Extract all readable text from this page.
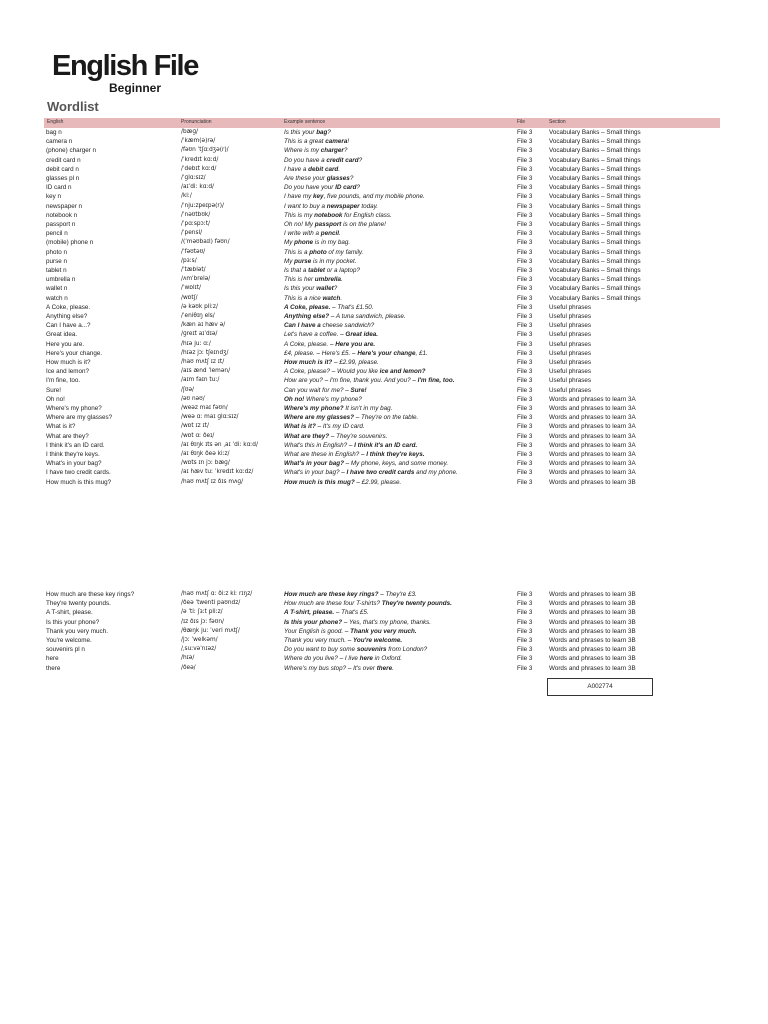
English File
Beginner
Wordlist
English	Pronunciation	Example sentence	File	Section
bag n	/bæɡ/	Is this your bag?	File 3	Vocabulary Banks – Small things
camera n	/ˈkæm(ə)rə/	This is a great camera!	File 3	Vocabulary Banks – Small things
(phone) charger n	/fəʊn ˈtʃɑːdʒə(r)/	Where is my charger?	File 3	Vocabulary Banks – Small things
credit card n	/ˈkredɪt kɑːd/	Do you have a credit card?	File 3	Vocabulary Banks – Small things
debit card n	/ˈdebɪt kɑːd/	I have a debit card.	File 3	Vocabulary Banks – Small things
glasses pl n	/ˈɡlɑːsɪz/	Are these your glasses?	File 3	Vocabulary Banks – Small things
ID card n	/aɪˈdiː kɑːd/	Do you have your ID card?	File 3	Vocabulary Banks – Small things
key n	/kiː/	I have my key, five pounds, and my mobile phone.	File 3	Vocabulary Banks – Small things
newspaper n	/ˈnjuːzpeɪpə(r)/	I want to buy a newspaper today.	File 3	Vocabulary Banks – Small things
notebook n	/ˈnəʊtbʊk/	This is my notebook for English class.	File 3	Vocabulary Banks – Small things
passport n	/ˈpɑːspɔːt/	Oh no! My passport is on the plane!	File 3	Vocabulary Banks – Small things
pencil n	/ˈpensl/	I write with a pencil.	File 3	Vocabulary Banks – Small things
(mobile) phone n	/(ˈməʊbaɪl) fəʊn/	My phone is in my bag.	File 3	Vocabulary Banks – Small things
photo n	/ˈfəʊtəʊ/	This is a photo of my family.	File 3	Vocabulary Banks – Small things
purse n	/pɜːs/	My purse is in my pocket.	File 3	Vocabulary Banks – Small things
tablet n	/ˈtæblət/	Is that a tablet or a laptop?	File 3	Vocabulary Banks – Small things
umbrella n	/ʌmˈbrelə/	This is her umbrella.	File 3	Vocabulary Banks – Small things
wallet n	/ˈwɒlɪt/	Is this your wallet?	File 3	Vocabulary Banks – Small things
watch n	/wɒtʃ/	This is a nice watch.	File 3	Vocabulary Banks – Small things
A Coke, please.	/ə kəʊk pliːz/	A Coke, please. – That's £1.50.	File 3	Useful phrases
Anything else?	/ˈeniθɪŋ els/	Anything else? – A tuna sandwich, please.	File 3	Useful phrases
Can I have a...?	/kæn aɪ hæv ə/	Can I have a cheese sandwich?	File 3	Useful phrases
Great idea.	/ɡreɪt aɪˈdɪə/	Let's have a coffee. – Great idea.	File 3	Useful phrases
Here you are.	/hɪə juː ɑː/	A Coke, please. – Here you are.	File 3	Useful phrases
Here's your change.	/hɪəz jɔː tʃeɪndʒ/	£4, please. – Here's £5. – Here's your change, £1.	File 3	Useful phrases
How much is it?	/haʊ mʌtʃ ɪz ɪt/	How much is it? – £2.99, please.	File 3	Useful phrases
Ice and lemon?	/aɪs ænd ˈlemən/	A Coke, please? – Would you like ice and lemon?	File 3	Useful phrases
I'm fine, too.	/aɪm faɪn tuː/	How are you? – I'm fine, thank you. And you? – I'm fine, too.	File 3	Useful phrases
Sure!	/ʃʊə/	Can you wait for me? – Sure!	File 3	Useful phrases
Oh no!	/əʊ nəʊ/	Oh no! Where's my phone?	File 3	Words and phrases to learn 3A
Where's my phone?	/weəz maɪ fəʊn/	Where's my phone? It isn't in my bag.	File 3	Words and phrases to learn 3A
Where are my glasses?	/weə ɑː maɪ ɡlɑːsɪz/	Where are my glasses? – They're on the table.	File 3	Words and phrases to learn 3A
What is it?	/wɒt ɪz ɪt/	What is it? – It's my ID card.	File 3	Words and phrases to learn 3A
What are they?	/wɒt ɑː ðeɪ/	What are they? – They're souvenirs.	File 3	Words and phrases to learn 3A
I think it's an ID card.	/aɪ θɪŋk ɪts ən ˌaɪ ˈdiː kɑːd/	What's this in English? – I think it's an ID card.	File 3	Words and phrases to learn 3A
I think they're keys.	/aɪ θɪŋk ðeə kiːz/	What are these in English? – I think they're keys.	File 3	Words and phrases to learn 3A
What's in your bag?	/wɒts ɪn jɔː bæɡ/	What's in your bag? – My phone, keys, and some money.	File 3	Words and phrases to learn 3A
I have two credit cards.	/aɪ hæv tuː ˈkredɪt kɑːdz/	What's in your bag? – I have two credit cards and my phone.	File 3	Words and phrases to learn 3A
How much is this mug?	/haʊ mʌtʃ ɪz ðɪs mʌɡ/	How much is this mug? – £2.99, please.	File 3	Words and phrases to learn 3B
How much are these key rings?	/haʊ mʌtʃ ɑː ðiːz kiː rɪŋz/	How much are these key rings? – They're £3.	File 3	Words and phrases to learn 3B
They're twenty pounds.	/ðeə ˈtwenti paʊndz/	How much are these four T-shirts? They're twenty pounds.	File 3	Words and phrases to learn 3B
A T-shirt, please.	/ə ˈtiː ʃɜːt pliːz/	A T-shirt, please. – That's £5.	File 3	Words and phrases to learn 3B
Is this your phone?	/ɪz ðɪs jɔː fəʊn/	Is this your phone? – Yes, that's my phone, thanks.	File 3	Words and phrases to learn 3B
Thank you very much.	/θæŋk juː ˈveri mʌtʃ/	Your English is good. – Thank you very much.	File 3	Words and phrases to learn 3B
You're welcome.	/jɔː ˈwelkəm/	Thank you very much. – You're welcome.	File 3	Words and phrases to learn 3B
souvenirs pl n	/ˌsuːvəˈnɪəz/	Do you want to buy some souvenirs from London?	File 3	Words and phrases to learn 3B
here	/hɪə/	Where do you live? – I live here in Oxford.	File 3	Words and phrases to learn 3B
there	/ðeə/	Where's my bus stop? – It's over there.	File 3	Words and phrases to learn 3B
A002774
